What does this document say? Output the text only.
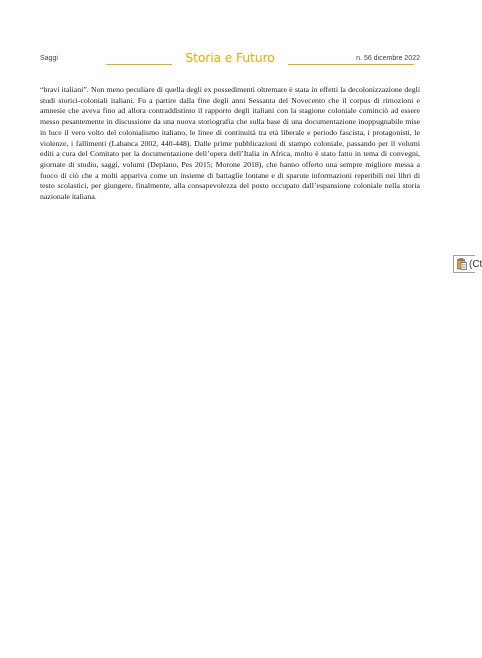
Saggi	Storia e Futuro	n. 56 dicembre 2022

“bravi italiani”. Non meno peculiare di quella degli ex possedimenti oltremare è stata in effetti la decolonizzazione degli studi storici-coloniali italiani. Fu a partire dalla fine degli anni Sessanta del Novecento che il corpus di rimozioni e amnesie che aveva fino ad allora contraddistinto il rapporto degli italiani con la stagione coloniale cominciò ad essere messo pesantemente in discussione da una nuova storiografia che sulla base di una documentazione inoppugnabile mise in luce il vero volto del colonialismo italiano, le linee di continuità tra età liberale e periodo fascista, i protagonisti, le violenze, i fallimenti (Labanca 2002, 440-448). Dalle prime pubblicazioni di stampo coloniale, passando per il volumi editi a cura del Comitato per la documentazione dell’opera dell’Italia in Africa, molto è stato fatto in tema di convegni, giornate di studio, saggi, volumi (Deplano, Pes 2015; Morone 2018), che hanno offerto una sempre migliore messa a fuoco di ciò che a molti appariva come un insieme di battaglie lontane e di sparute informazioni reperibili nei libri di testo scolastici, per giungere, finalmente, alla consapevolezza del posto occupato dall’espansione coloniale nella storia nazionale italiana.

(Ct
